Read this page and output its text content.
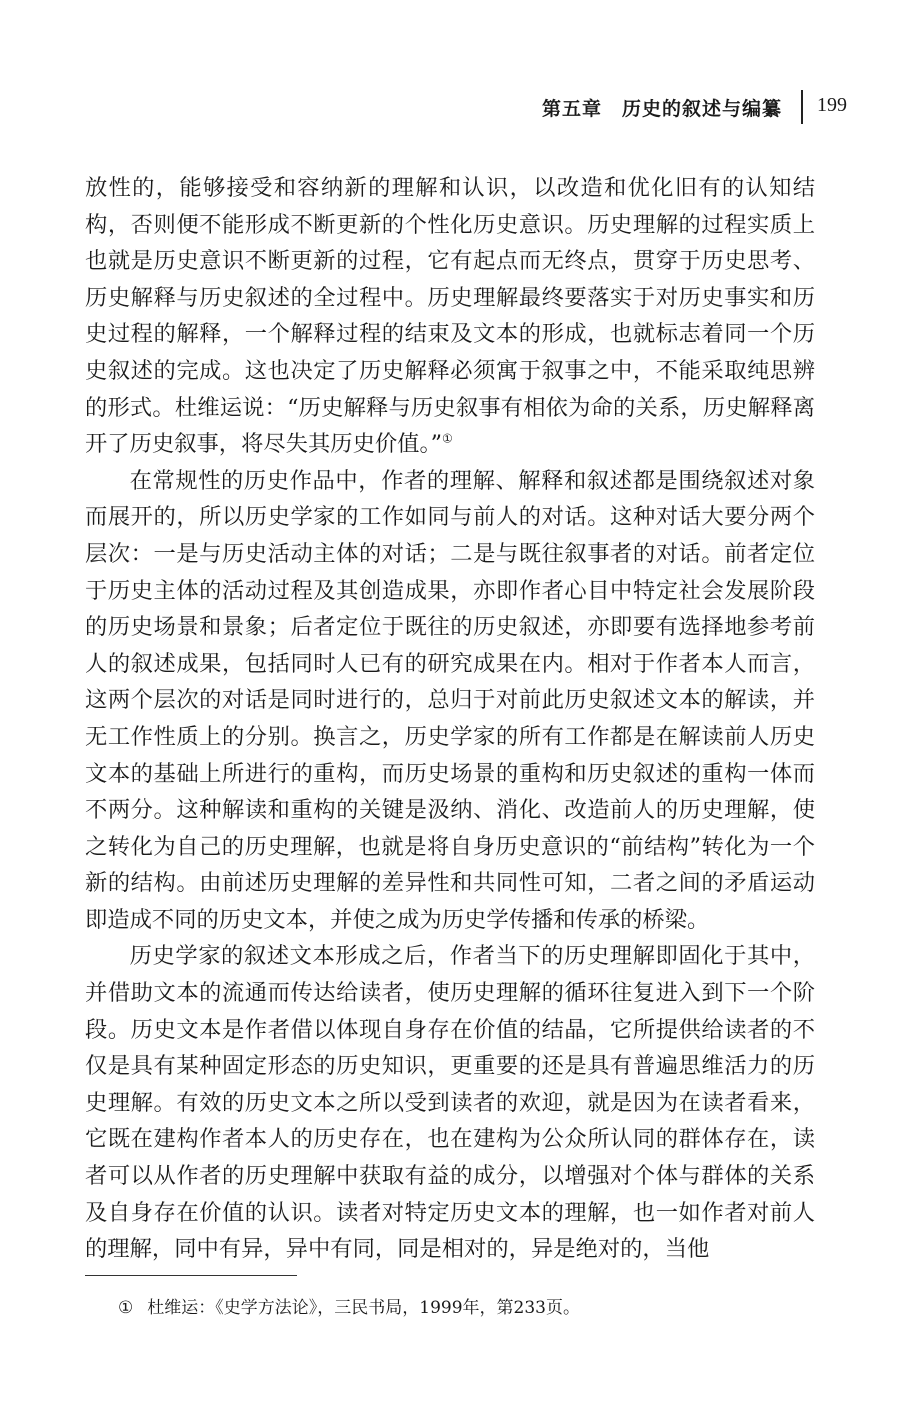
第五章　历史的叙述与编纂 199

放性的，能够接受和容纳新的理解和认识，以改造和优化旧有的认知结构，否则便不能形成不断更新的个性化历史意识。历史理解的过程实质上也就是历史意识不断更新的过程，它有起点而无终点，贯穿于历史思考、历史解释与历史叙述的全过程中。历史理解最终要落实于对历史事实和历史过程的解释，一个解释过程的结束及文本的形成，也就标志着同一个历史叙述的完成。这也决定了历史解释必须寓于叙事之中，不能采取纯思辨的形式。杜维运说：“历史解释与历史叙事有相依为命的关系，历史解释离开了历史叙事，将尽失其历史价值。”①

在常规性的历史作品中，作者的理解、解释和叙述都是围绕叙述对象而展开的，所以历史学家的工作如同与前人的对话。这种对话大要分两个层次：一是与历史活动主体的对话；二是与既往叙事者的对话。前者定位于历史主体的活动过程及其创造成果，亦即作者心目中特定社会发展阶段的历史场景和景象；后者定位于既往的历史叙述，亦即要有选择地参考前人的叙述成果，包括同时人已有的研究成果在内。相对于作者本人而言，这两个层次的对话是同时进行的，总归于对前此历史叙述文本的解读，并无工作性质上的分别。换言之，历史学家的所有工作都是在解读前人历史文本的基础上所进行的重构，而历史场景的重构和历史叙述的重构一体而不两分。这种解读和重构的关键是汲纳、消化、改造前人的历史理解，使之转化为自己的历史理解，也就是将自身历史意识的“前结构”转化为一个新的结构。由前述历史理解的差异性和共同性可知，二者之间的矛盾运动即造成不同的历史文本，并使之成为历史学传播和传承的桥梁。

历史学家的叙述文本形成之后，作者当下的历史理解即固化于其中，并借助文本的流通而传达给读者，使历史理解的循环往复进入到下一个阶段。历史文本是作者借以体现自身存在价值的结晶，它所提供给读者的不仅是具有某种固定形态的历史知识，更重要的还是具有普遍思维活力的历史理解。有效的历史文本之所以受到读者的欢迎，就是因为在读者看来，它既在建构作者本人的历史存在，也在建构为公众所认同的群体存在，读者可以从作者的历史理解中获取有益的成分，以增强对个体与群体的关系及自身存在价值的认识。读者对特定历史文本的理解，也一如作者对前人的理解，同中有异，异中有同，同是相对的，异是绝对的，当他

① 杜维运：《史学方法论》，三民书局，1999年，第233页。
